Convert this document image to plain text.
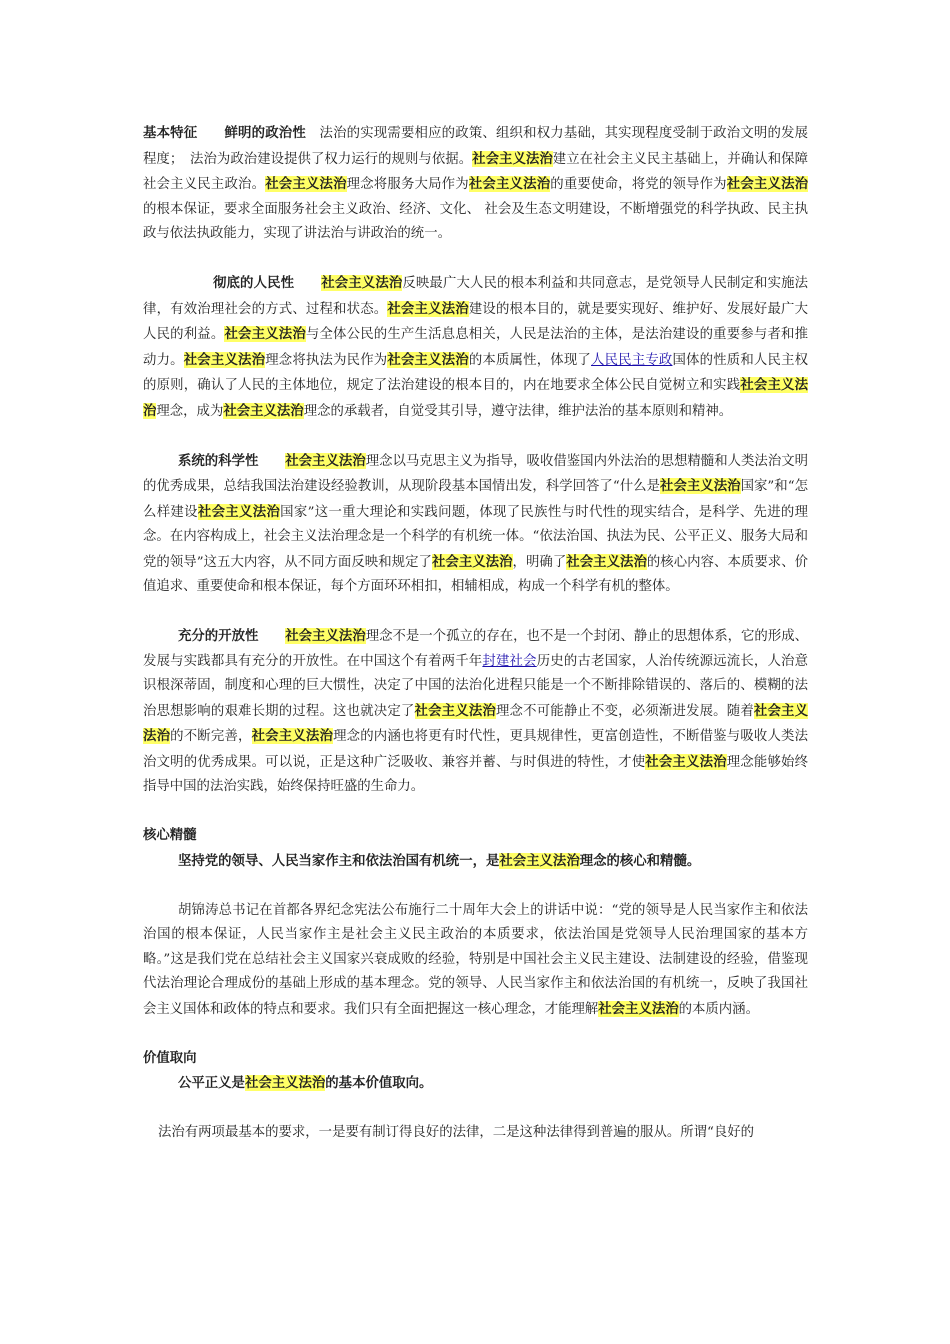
基本特征　　 鲜明的政治性　法治的实现需要相应的政策、组织和权力基础，其实现程度受制于政治文明的发展程度；　法治为政治建设提供了权力运行的规则与依据。社会主义法治建立在社会主义民主基础上，并确认和保障社会主义民主政治。社会主义法治理念将服务大局作为社会主义法治的重要使命，将党的领导作为社会主义法治的根本保证，要求全面服务社会主义政治、经济、文化、 社会及生态文明建设，不断增强党的科学执政、民主执政与依法执政能力，实现了讲法治与讲政治的统一。

彻底的人民性　　 社会主义法治反映最广大人民的根本利益和共同意志，是党领导人民制定和实施法律，有效治理社会的方式、过程和状态。社会主义法治建设的根本目的，就是要实现好、维护好、发展好最广大人民的利益。社会主义法治与全体公民的生产生活息息相关，人民是法治的主体，是法治建设的重要参与者和推动力。社会主义法治理念将执法为民作为社会主义法治的本质属性，体现了人民民主专政国体的性质和人民主权的原则，确认了人民的主体地位，规定了法治建设的根本目的，内在地要求全体公民自觉树立和实践社会主义法治理念，成为社会主义法治理念的承载者，自觉受其引导，遵守法律，维护法治的基本原则和精神。

系统的科学性　　 社会主义法治理念以马克思主义为指导，吸收借鉴国内外法治的思想精髓和人类法治文明的优秀成果，总结我国法治建设经验教训，从现阶段基本国情出发，科学回答了“什么是社会主义法治国家”和“怎么样建设社会主义法治国家”这一重大理论和实践问题，体现了民族性与时代性的现实结合，是科学、先进的理念。在内容构成上，社会主义法治理念是一个科学的有机统一体。“依法治国、执法为民、公平正义、服务大局和党的领导”这五大内容，从不同方面反映和规定了社会主义法治，明确了社会主义法治的核心内容、本质要求、价值追求、重要使命和根本保证，每个方面环环相扣，相辅相成，构成一个科学有机的整体。

充分的开放性　　 社会主义法治理念不是一个孤立的存在，也不是一个封闭、静止的思想体系，它的形成、发展与实践都具有充分的开放性。在中国这个有着两千年封建社会历史的古老国家，人治传统源远流长，人治意识根深蒂固，制度和心理的巨大惯性，决定了中国的法治化进程只能是一个不断排除错误的、落后的、模糊的法治思想影响的艰难长期的过程。这也就决定了社会主义法治理念不可能静止不变，必须渐进发展。随着社会主义法治的不断完善，社会主义法治理念的内涵也将更有时代性，更具规律性，更富创造性，不断借鉴与吸收人类法治文明的优秀成果。可以说，正是这种广泛吸收、兼容并蓄、与时俱进的特性，才使社会主义法治理念能够始终指导中国的法治实践，始终保持旺盛的生命力。

核心精髓

坚持党的领导、人民当家作主和依法治国有机统一，是社会主义法治理念的核心和精髓。

胡锦涛总书记在首都各界纪念宪法公布施行二十周年大会上的讲话中说：“党的领导是人民当家作主和依法治国的根本保证，人民当家作主是社会主义民主政治的本质要求，依法治国是党领导人民治理国家的基本方略。”这是我们党在总结社会主义国家兴衰成败的经验，特别是中国社会主义民主建设、法制建设的经验，借鉴现代法治理论合理成份的基础上形成的基本理念。党的领导、人民当家作主和依法治国的有机统一，反映了我国社会主义国体和政体的特点和要求。我们只有全面把握这一核心理念，才能理解社会主义法治的本质内涵。

价值取向

公平正义是社会主义法治的基本价值取向。

法治有两项最基本的要求，一是要有制订得良好的法律，二是这种法律得到普遍的服从。所谓“良好的
